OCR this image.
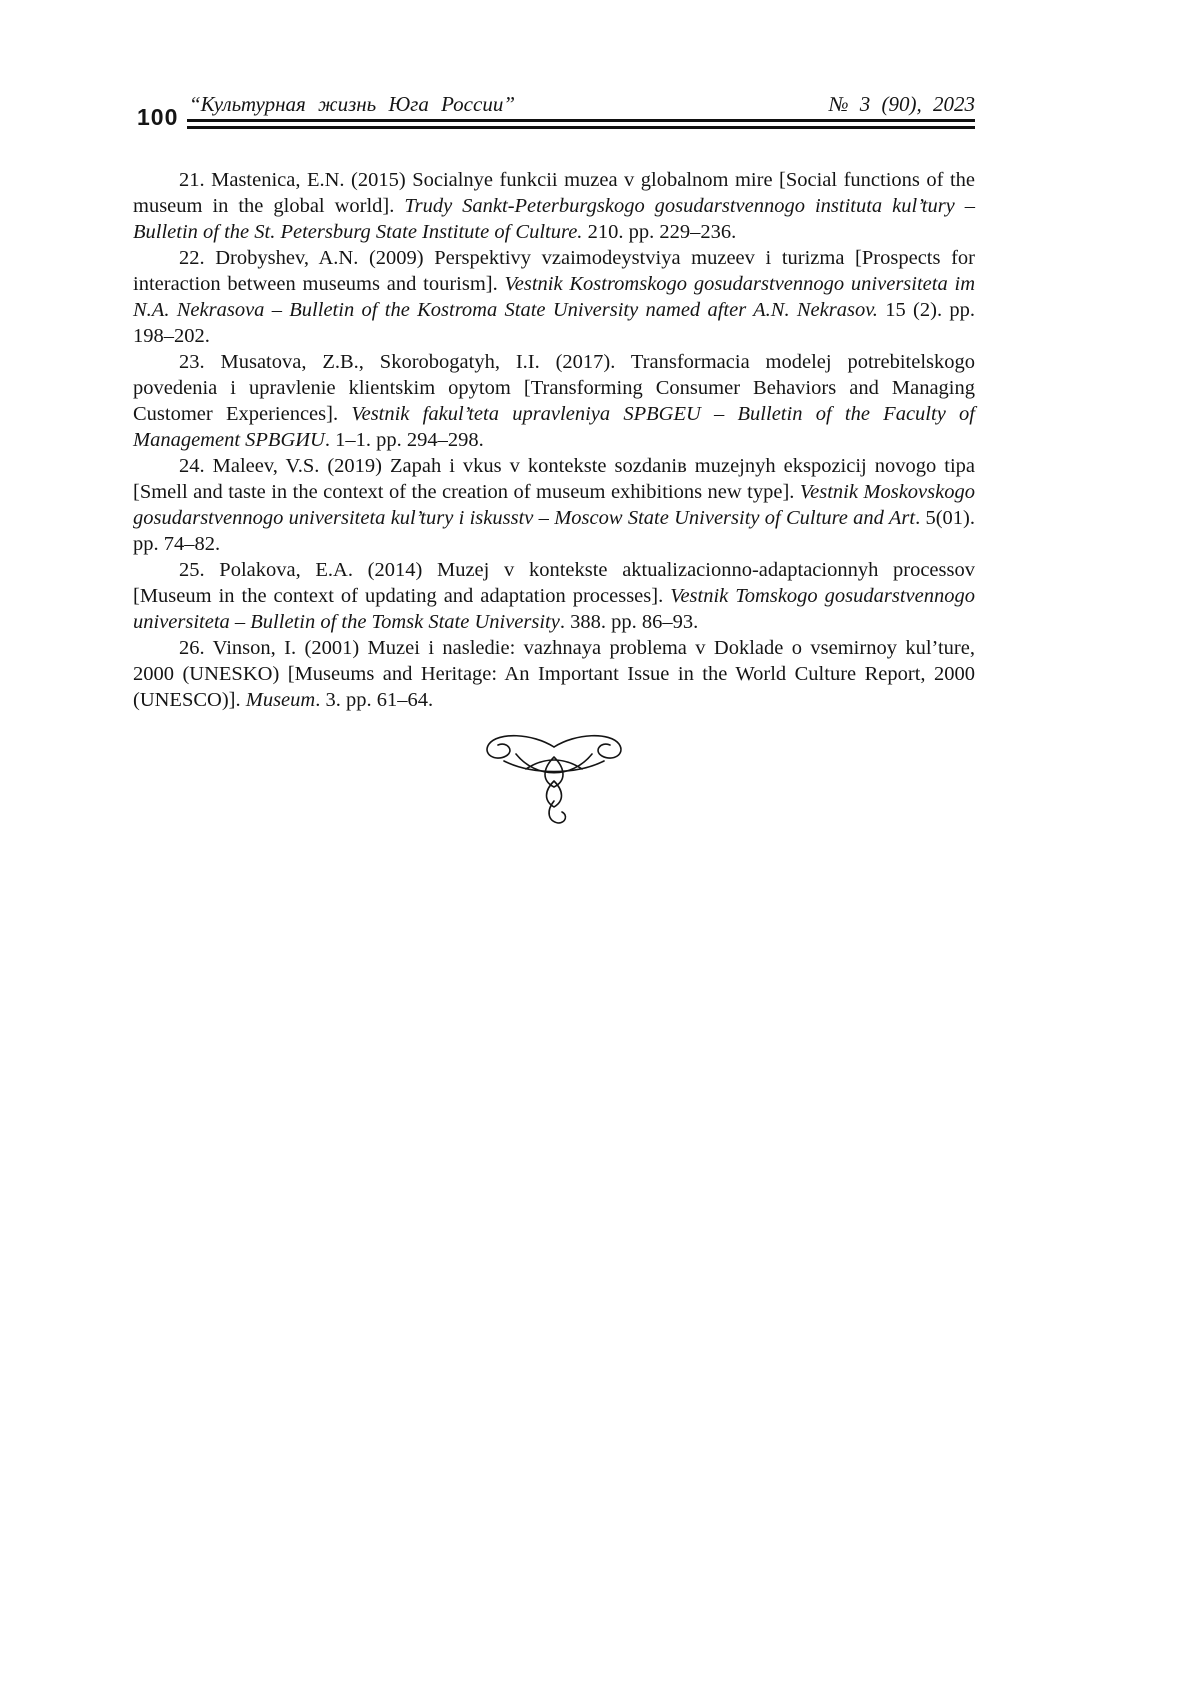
“Культурная жизнь Юга России”	№ 3 (90), 2023
100

21. Mastenica, E.N. (2015) Socialnye funkcii muzea v globalnom mire [Social functions of the museum in the global world]. Trudy Sankt-Peterburgskogo gosudarstvennogo instituta kul’tury – Bulletin of the St. Petersburg State Institute of Culture. 210. pp. 229–236.

22. Drobyshev, A.N. (2009) Perspektivy vzaimodeystviya muzeev i turizma [Prospects for interaction between museums and tourism]. Vestnik Kostromskogo gosudarstvennogo universiteta im N.A. Nekrasova – Bulletin of the Kostroma State University named after A.N. Nekrasov. 15 (2). pp. 198–202.

23. Musatova, Z.B., Skorobogatyh, I.I. (2017). Transformacia modelej potrebitelskogo povedenia i upravlenie klientskim opytom [Transforming Consumer Behaviors and Managing Customer Experiences]. Vestnik fakul’teta upravleniya SPBGEU – Bulletin of the Faculty of Management SPBGИU. 1–1. pp. 294–298.

24. Maleev, V.S. (2019) Zapah i vkus v kontekste sozdaniв muzejnyh ekspozicij novogo tipa [Smell and taste in the context of the creation of museum exhibitions new type]. Vestnik Moskovskogo gosudarstvennogo universiteta kul’tury i iskusstv – Moscow State University of Culture and Art. 5(01). pp. 74–82.

25. Polakova, E.A. (2014) Muzej v kontekste aktualizacionno-adaptacionnyh processov [Museum in the context of updating and adaptation processes]. Vestnik Tomskogo gosudarstvennogo universiteta – Bulletin of the Tomsk State University. 388. pp. 86–93.

26. Vinson, I. (2001) Muzei i nasledie: vazhnaya problema v Doklade o vsemirnoy kul’ture, 2000 (UNESKO) [Museums and Heritage: An Important Issue in the World Culture Report, 2000 (UNESCO)]. Museum. 3. pp. 61–64.
